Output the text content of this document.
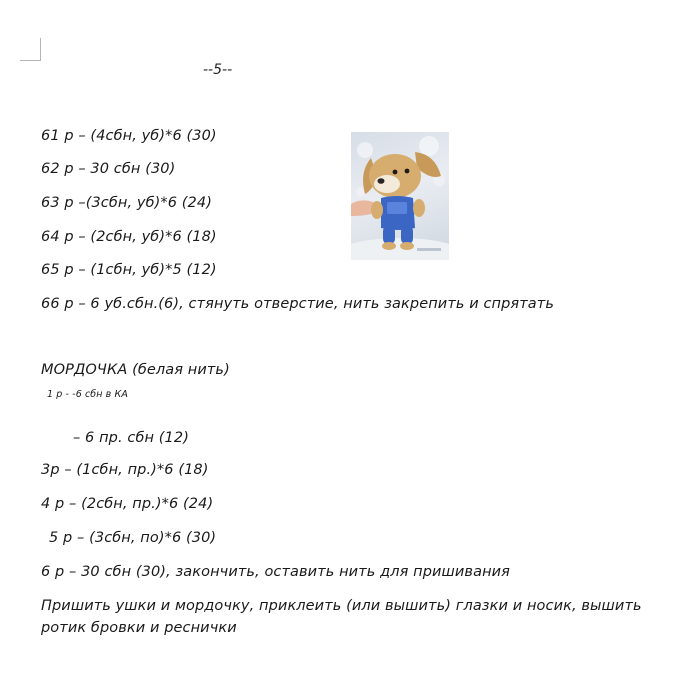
--5--
61 р – (4сбн, уб)*6 (30)
62 р – 30 сбн (30)
63 р –(3сбн, уб)*6 (24)
64 р – (2сбн, уб)*6 (18)
65 р – (1сбн, уб)*5 (12)
66 р – 6 уб.сбн.(6), стянуть отверстие, нить закрепить и спрятать
МОРДОЧКА (белая нить)
1 р - -6 сбн в КА
– 6 пр. сбн (12)
3р – (1сбн, пр.)*6 (18)
4 р – (2сбн, пр.)*6 (24)
5 р – (3сбн, по)*6 (30)
6 р – 30 сбн (30), закончить, оставить нить для пришивания
Пришить ушки и мордочку, приклеить (или вышить) глазки и носик, вышить ротик бровки и реснички
